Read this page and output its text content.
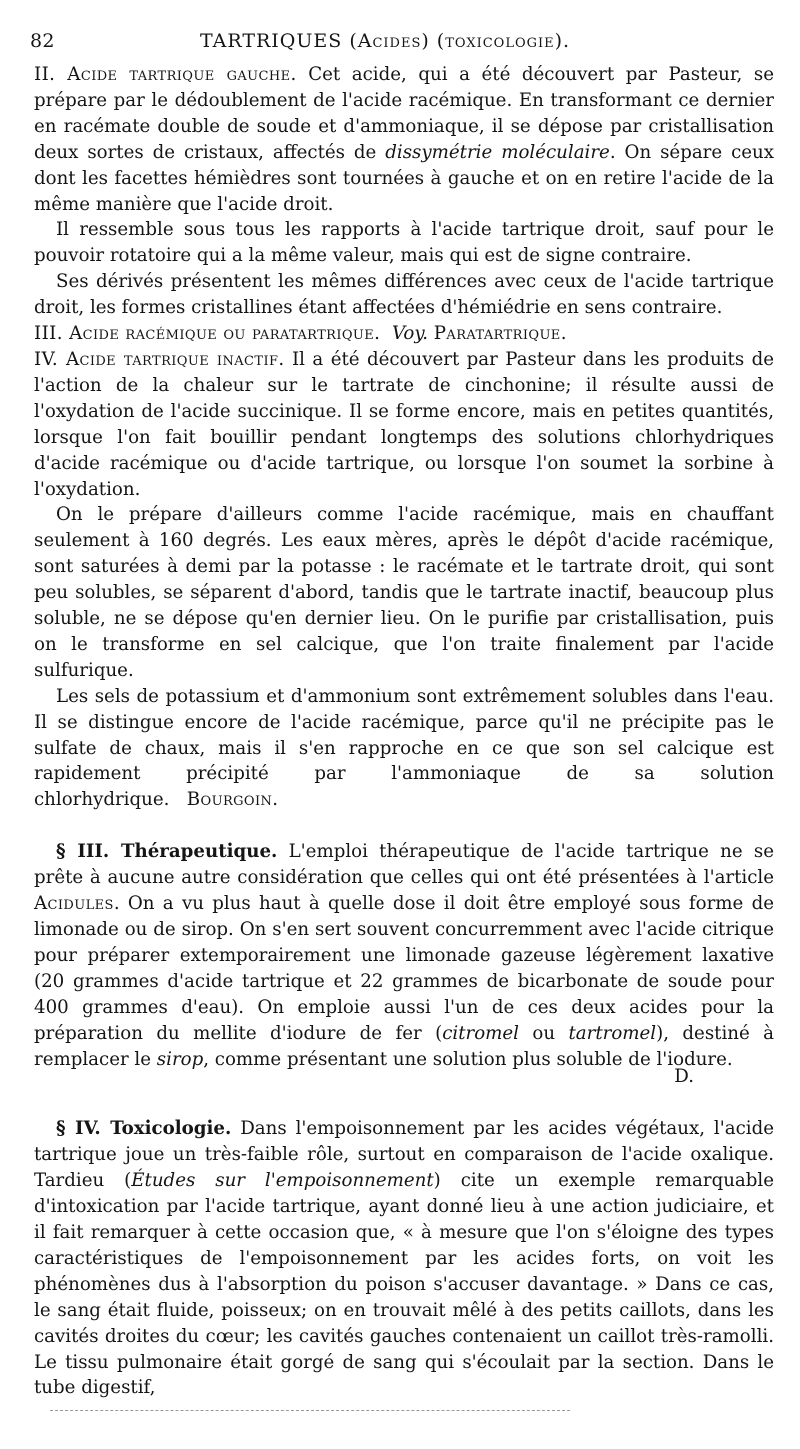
82	TARTRIQUES (Acides) (toxicologie).

II. Acide tartrique gauche. Cet acide, qui a été découvert par Pasteur, se prépare par le dédoublement de l'acide racémique. En transformant ce dernier en racémate double de soude et d'ammoniaque, il se dépose par cristallisation deux sortes de cristaux, affectés de dissymétrie moléculaire. On sépare ceux dont les facettes hémièdres sont tournées à gauche et on en retire l'acide de la même manière que l'acide droit.

Il ressemble sous tous les rapports à l'acide tartrique droit, sauf pour le pouvoir rotatoire qui a la même valeur, mais qui est de signe contraire.

Ses dérivés présentent les mêmes différences avec ceux de l'acide tartrique droit, les formes cristallines étant affectées d'hémiédrie en sens contraire.

III. Acide racémique ou paratartrique. Voy. Paratartrique.

IV. Acide tartrique inactif. Il a été découvert par Pasteur dans les produits de l'action de la chaleur sur le tartrate de cinchonine; il résulte aussi de l'oxydation de l'acide succinique. Il se forme encore, mais en petites quantités, lorsque l'on fait bouillir pendant longtemps des solutions chlorhydriques d'acide racémique ou d'acide tartrique, ou lorsque l'on soumet la sorbine à l'oxydation.

On le prépare d'ailleurs comme l'acide racémique, mais en chauffant seulement à 160 degrés. Les eaux mères, après le dépôt d'acide racémique, sont saturées à demi par la potasse : le racémate et le tartrate droit, qui sont peu solubles, se séparent d'abord, tandis que le tartrate inactif, beaucoup plus soluble, ne se dépose qu'en dernier lieu. On le purifie par cristallisation, puis on le transforme en sel calcique, que l'on traite finalement par l'acide sulfurique.

Les sels de potassium et d'ammonium sont extrêmement solubles dans l'eau. Il se distingue encore de l'acide racémique, parce qu'il ne précipite pas le sulfate de chaux, mais il s'en rapproche en ce que son sel calcique est rapidement précipité par l'ammoniaque de sa solution chlorhydrique. Bourgoin.

§ III. Thérapeutique. L'emploi thérapeutique de l'acide tartrique ne se prête à aucune autre considération que celles qui ont été présentées à l'article Acidules. On a vu plus haut à quelle dose il doit être employé sous forme de limonade ou de sirop. On s'en sert souvent concurremment avec l'acide citrique pour préparer extemporairement une limonade gazeuse légèrement laxative (20 grammes d'acide tartrique et 22 grammes de bicarbonate de soude pour 400 grammes d'eau). On emploie aussi l'un de ces deux acides pour la préparation du mellite d'iodure de fer (citromel ou tartromel), destiné à remplacer le sirop, comme présentant une solution plus soluble de l'iodure.

D.

§ IV. Toxicologie. Dans l'empoisonnement par les acides végétaux, l'acide tartrique joue un très-faible rôle, surtout en comparaison de l'acide oxalique. Tardieu (Études sur l'empoisonnement) cite un exemple remarquable d'intoxication par l'acide tartrique, ayant donné lieu à une action judiciaire, et il fait remarquer à cette occasion que, « à mesure que l'on s'éloigne des types caractéristiques de l'empoisonnement par les acides forts, on voit les phénomènes dus à l'absorption du poison s'accuser davantage. » Dans ce cas, le sang était fluide, poisseux; on en trouvait mêlé à des petits caillots, dans les cavités droites du cœur; les cavités gauches contenaient un caillot très-ramolli. Le tissu pulmonaire était gorgé de sang qui s'écoulait par la section. Dans le tube digestif,
